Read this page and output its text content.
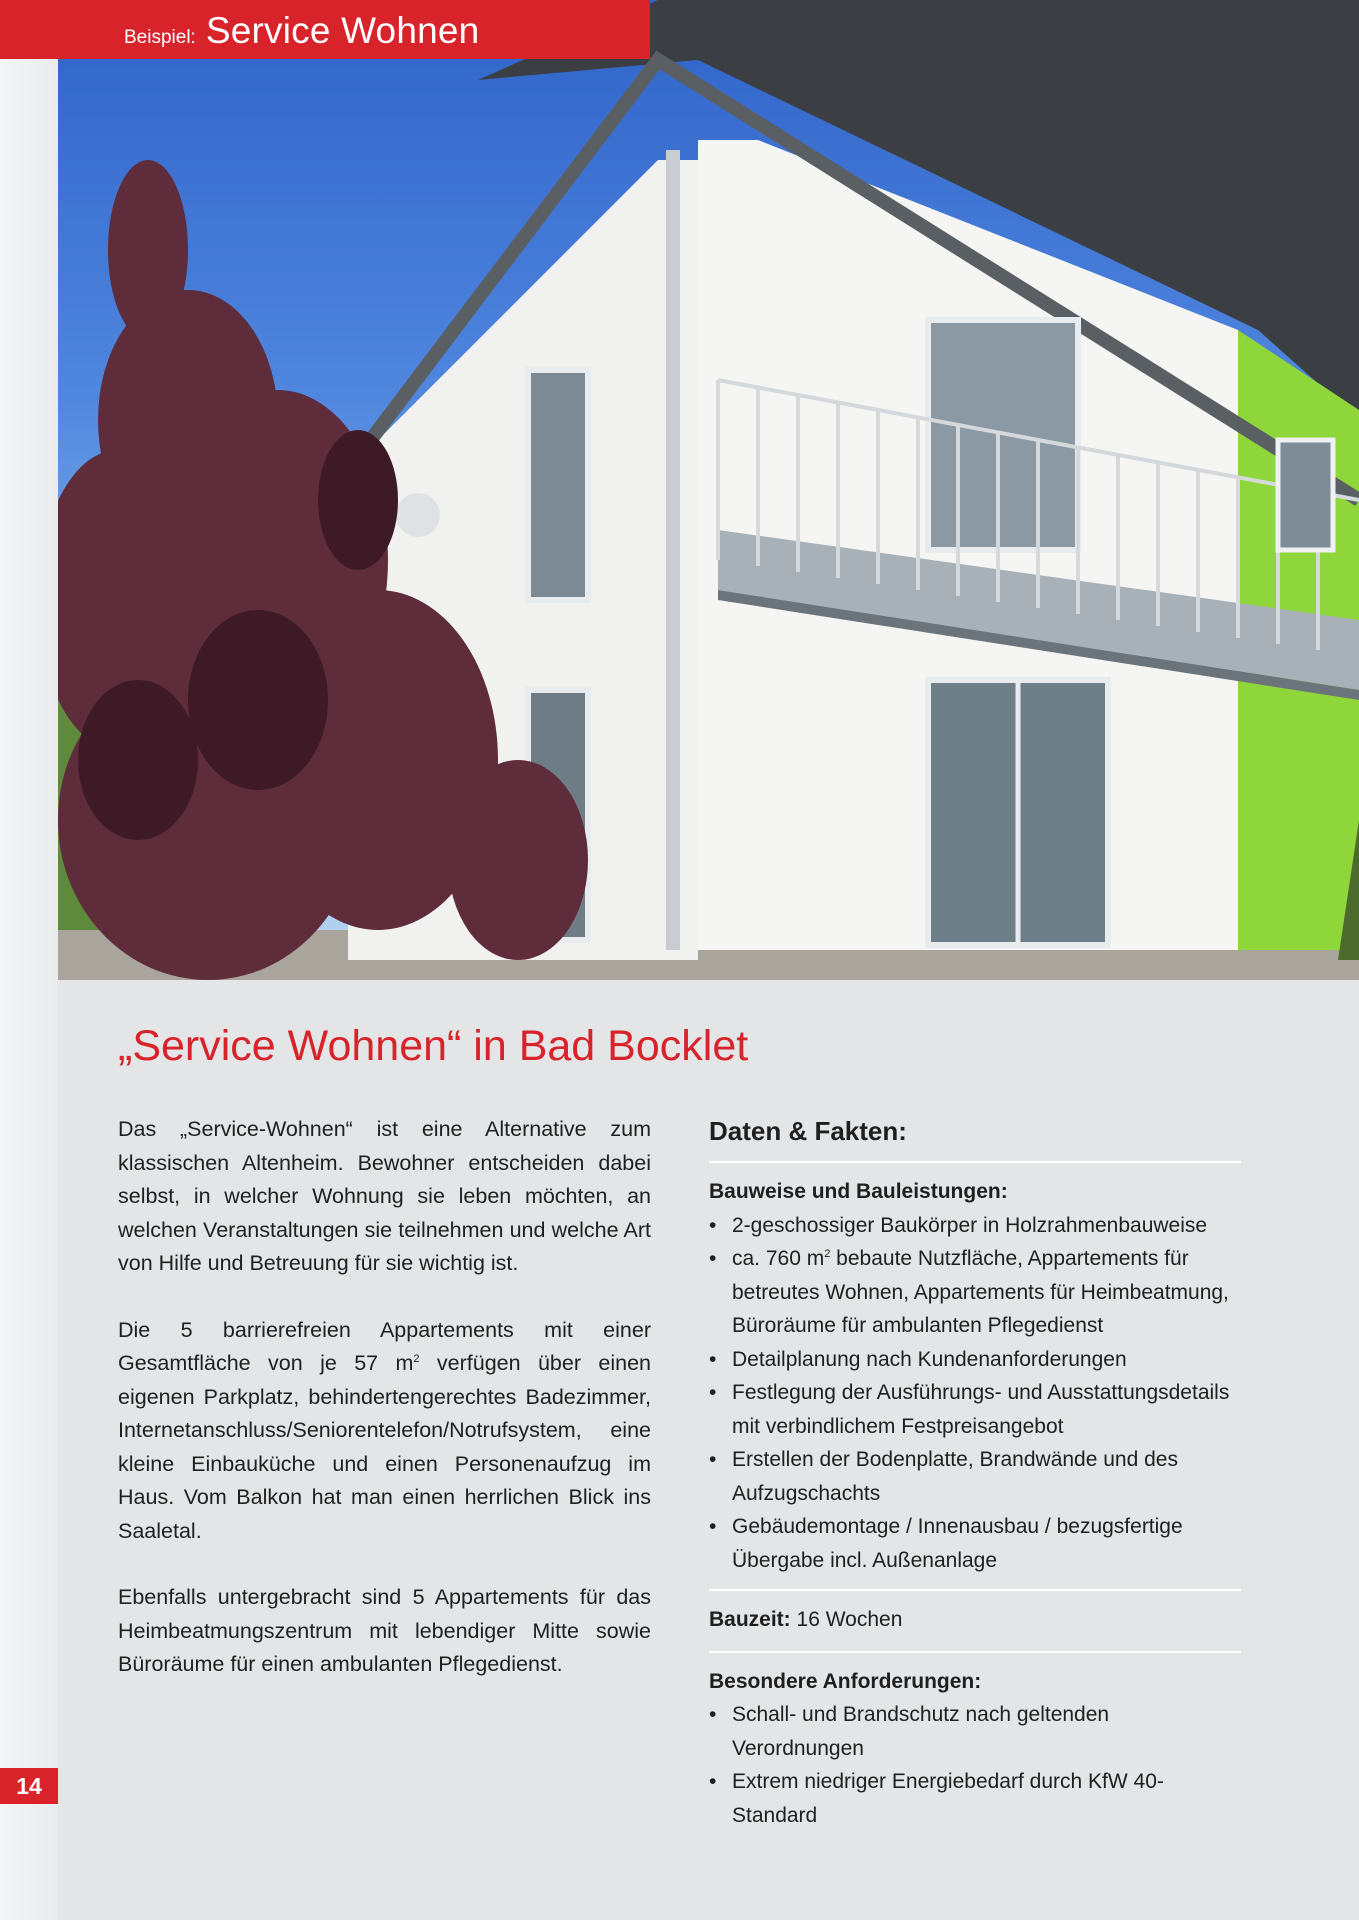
Beispiel: Service Wohnen
„Service Wohnen“ in Bad Bocklet

Das „Service-Wohnen“ ist eine Alternative zum klassischen Altenheim. Bewohner entscheiden dabei selbst, in welcher Wohnung sie leben möchten, an welchen Veranstaltungen sie teilnehmen und welche Art von Hilfe und Betreuung für sie wichtig ist.

Die 5 barrierefreien Appartements mit einer Gesamtfläche von je 57 $m^2$ verfügen über einen eigenen Parkplatz, behindertengerechtes Badezimmer, Internetanschluss/Seniorentelefon/Notrufsystem, eine kleine Einbauküche und einen Personenaufzug im Haus. Vom Balkon hat man einen herrlichen Blick ins Saaletal.

Ebenfalls untergebracht sind 5 Appartements für das Heimbeatmungszentrum mit lebendiger Mitte sowie Büroräume für einen ambulanten Pflegedienst.

Daten & Fakten:
Bauweise und Bauleistungen:
• 2-geschossiger Baukörper in Holzrahmenbauweise
• ca. 760 $m^2$ bebaute Nutzfläche, Appartements für betreutes Wohnen, Appartements für Heimbeatmung, Büroräume für ambulanten Pflegedienst
• Detailplanung nach Kundenanforderungen
• Festlegung der Ausführungs- und Ausstattungsdetails mit verbindlichem Festpreisangebot
• Erstellen der Bodenplatte, Brandwände und des Aufzugschachts
• Gebäudemontage / Innenausbau / bezugsfertige Übergabe incl. Außenanlage
Bauzeit: 16 Wochen
Besondere Anforderungen:
• Schall- und Brandschutz nach geltenden Verordnungen
• Extrem niedriger Energiebedarf durch KfW 40-Standard
14
